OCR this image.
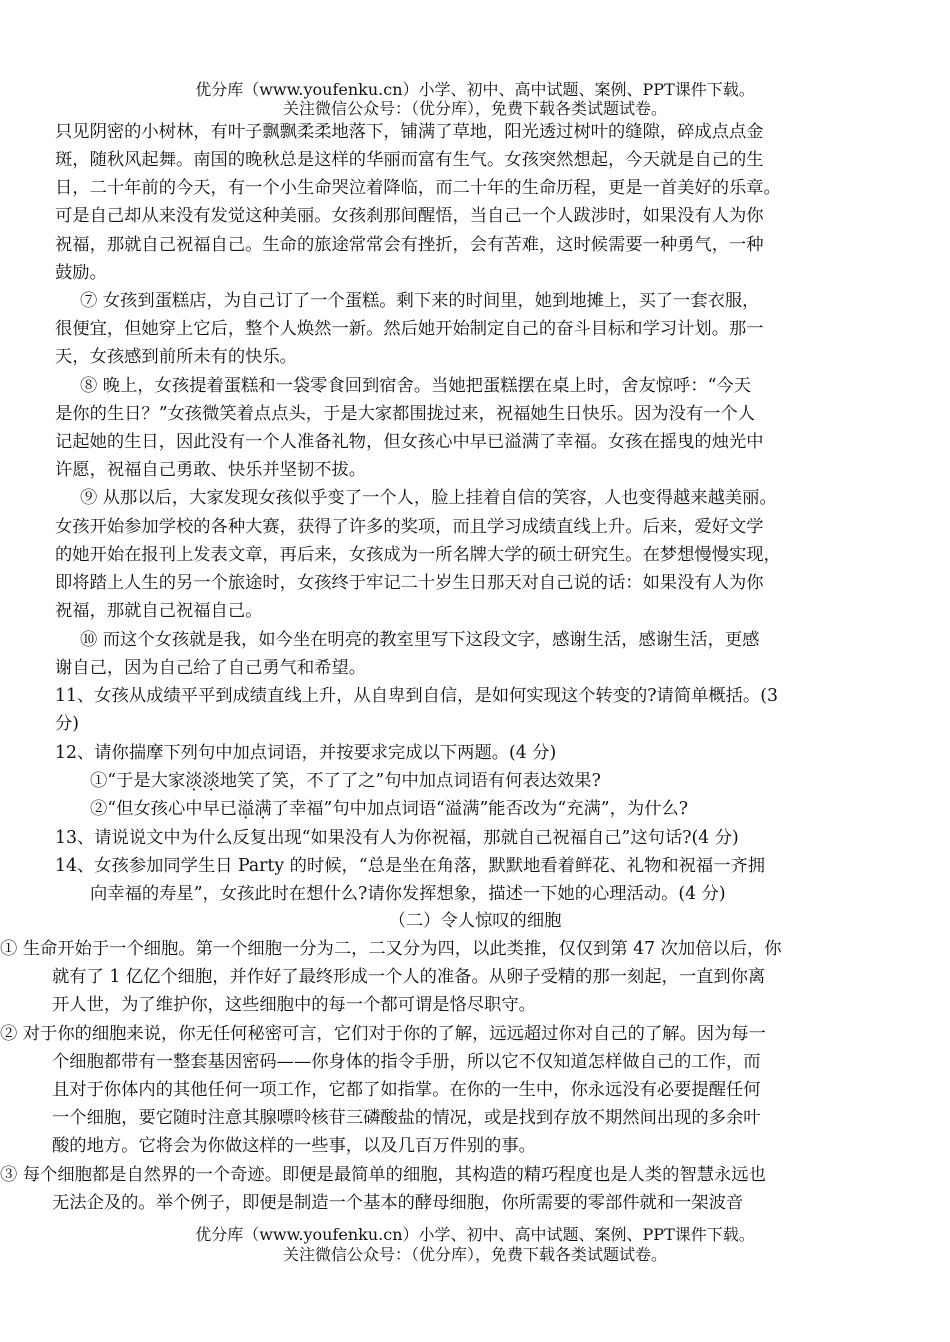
优分库（www.youfenku.cn）小学、初中、高中试题、案例、PPT课件下载。
关注微信公众号：（优分库），免费下载各类试题试卷。
只见阴密的小树林，有叶子飘飘柔柔地落下，铺满了草地，阳光透过树叶的缝隙，碎成点点金
斑，随秋风起舞。南国的晚秋总是这样的华丽而富有生气。女孩突然想起，今天就是自己的生
日，二十年前的今天，有一个小生命哭泣着降临，而二十年的生命历程，更是一首美好的乐章。
可是自己却从来没有发觉这种美丽。女孩刹那间醒悟，当自己一个人跋涉时，如果没有人为你
祝福，那就自己祝福自己。生命的旅途常常会有挫折，会有苦难，这时候需要一种勇气，一种
鼓励。
⑦ 女孩到蛋糕店，为自己订了一个蛋糕。剩下来的时间里，她到地摊上，买了一套衣服，
很便宜，但她穿上它后，整个人焕然一新。然后她开始制定自己的奋斗目标和学习计划。那一
天，女孩感到前所未有的快乐。
⑧ 晚上，女孩提着蛋糕和一袋零食回到宿舍。当她把蛋糕摆在桌上时，舍友惊呼：“今天
是你的生日？”女孩微笑着点点头，于是大家都围拢过来，祝福她生日快乐。因为没有一个人
记起她的生日，因此没有一个人准备礼物，但女孩心中早已溢满了幸福。女孩在摇曳的烛光中
许愿，祝福自己勇敢、快乐并坚韧不拔。
⑨ 从那以后，大家发现女孩似乎变了一个人，脸上挂着自信的笑容，人也变得越来越美丽。
女孩开始参加学校的各种大赛，获得了许多的奖项，而且学习成绩直线上升。后来，爱好文学
的她开始在报刊上发表文章，再后来，女孩成为一所名牌大学的硕士研究生。在梦想慢慢实现，
即将踏上人生的另一个旅途时，女孩终于牢记二十岁生日那天对自己说的话：如果没有人为你
祝福，那就自己祝福自己。
⑩ 而这个女孩就是我，如今坐在明亮的教室里写下这段文字，感谢生活，感谢生活，更感
谢自己，因为自己给了自己勇气和希望。
11、女孩从成绩平平到成绩直线上升，从自卑到自信，是如何实现这个转变的?请简单概括。(3
分)
12、请你揣摩下列句中加点词语，并按要求完成以下两题。(4 分)
①“于是大家淡淡地笑了笑，不了了之”句中加点词语有何表达效果?
②“但女孩心中早已溢满了幸福”句中加点词语“溢满”能否改为“充满”，为什么?
13、请说说文中为什么反复出现“如果没有人为你祝福，那就自己祝福自己”这句话?(4 分)
14、女孩参加同学生日 Party 的时候，“总是坐在角落，默默地看着鲜花、礼物和祝福一齐拥
向幸福的寿星”，女孩此时在想什么?请你发挥想象，描述一下她的心理活动。(4 分)
（二）令人惊叹的细胞
① 生命开始于一个细胞。第一个细胞一分为二，二又分为四，以此类推，仅仅到第 47 次加倍以后，你
就有了 1 亿亿个细胞，并作好了最终形成一个人的准备。从卵子受精的那一刻起，一直到你离
开人世，为了维护你，这些细胞中的每一个都可谓是恪尽职守。
② 对于你的细胞来说，你无任何秘密可言，它们对于你的了解，远远超过你对自己的了解。因为每一
个细胞都带有一整套基因密码——你身体的指令手册，所以它不仅知道怎样做自己的工作，而
且对于你体内的其他任何一项工作，它都了如指掌。在你的一生中，你永远没有必要提醒任何
一个细胞，要它随时注意其腺嘌呤核苷三磷酸盐的情况，或是找到存放不期然间出现的多余叶
酸的地方。它将会为你做这样的一些事，以及几百万件别的事。
③ 每个细胞都是自然界的一个奇迹。即便是最简单的细胞，其构造的精巧程度也是人类的智慧永远也
无法企及的。举个例子，即便是制造一个基本的酵母细胞，你所需要的零部件就和一架波音
优分库（www.youfenku.cn）小学、初中、高中试题、案例、PPT课件下载。
关注微信公众号：（优分库），免费下载各类试题试卷。
